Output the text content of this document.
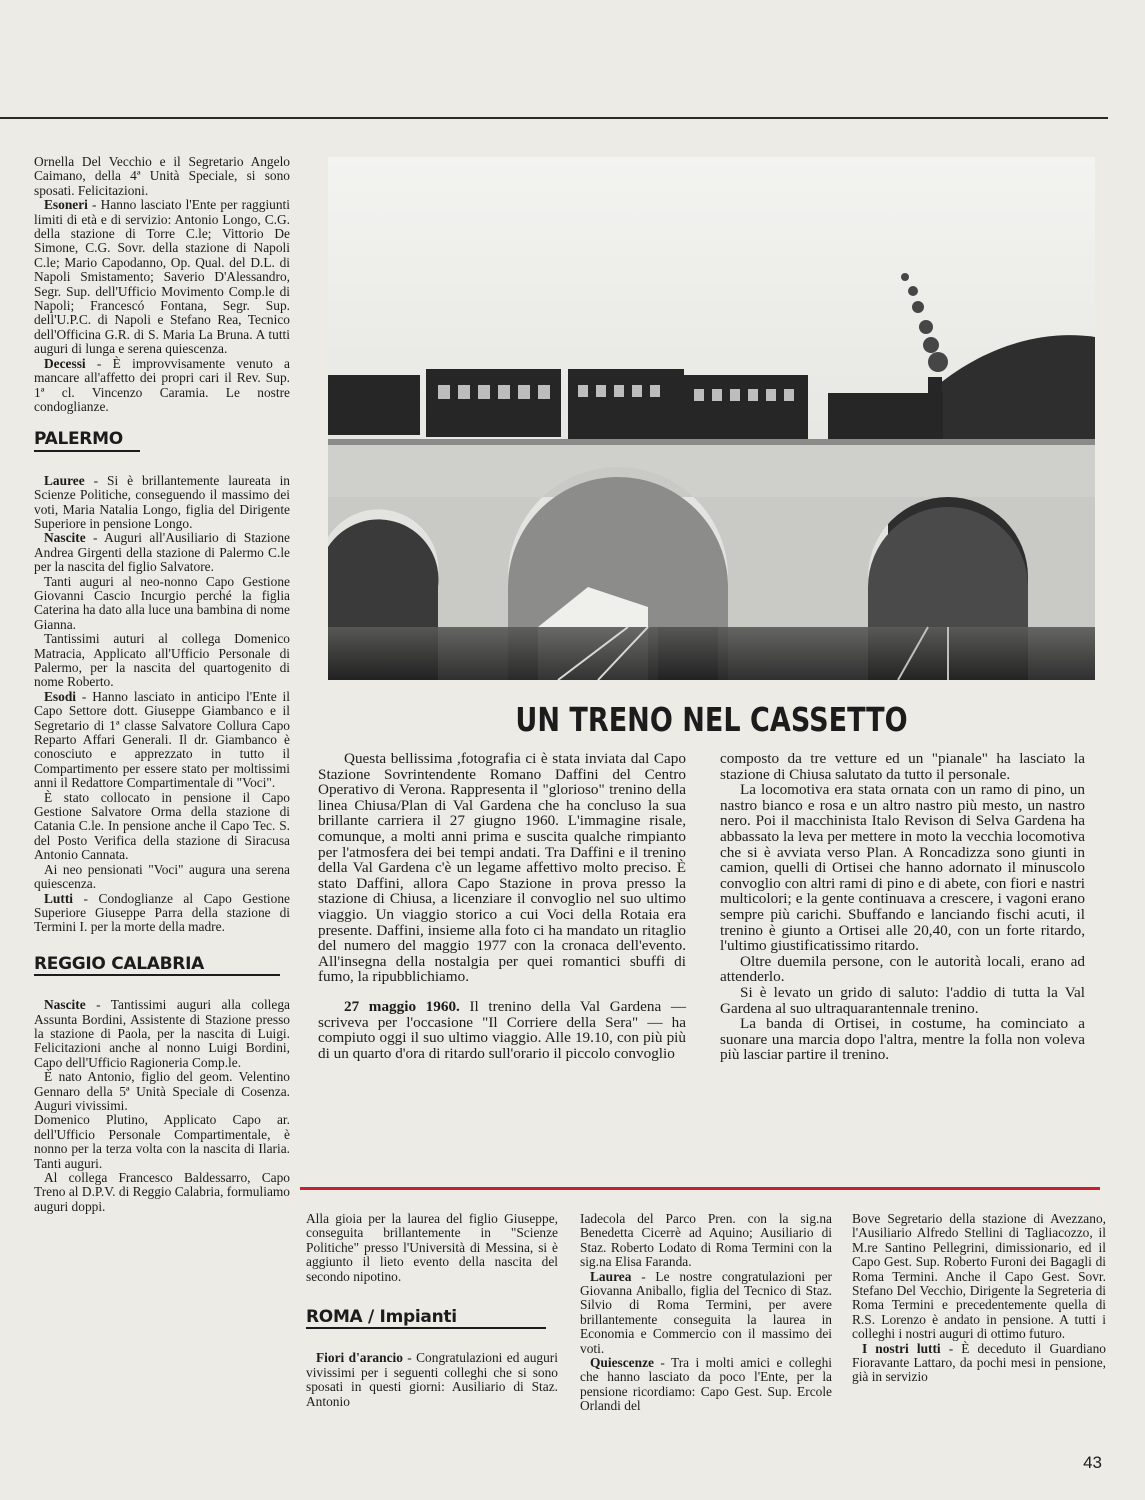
Ornella Del Vecchio e il Segretario Angelo Caimano, della 4ª Unità Speciale, si sono sposati. Felicitazioni.

Esoneri - Hanno lasciato l'Ente per raggiunti limiti di età e di servizio: Antonio Longo, C.G. della stazione di Torre C.le; Vittorio De Simone, C.G. Sovr. della stazione di Napoli C.le; Mario Capodanno, Op. Qual. del D.L. di Napoli Smistamento; Saverio D'Alessandro, Segr. Sup. dell'Ufficio Movimento Comp.le di Napoli; Francescó Fontana, Segr. Sup. dell'U.P.C. di Napoli e Stefano Rea, Tecnico dell'Officina G.R. di S. Maria La Bruna. A tutti auguri di lunga e serena quiescenza.

Decessi - È improvvisamente venuto a mancare all'affetto dei propri cari il Rev. Sup. 1ª cl. Vincenzo Caramia. Le nostre condoglianze.

PALERMO

Lauree - Si è brillantemente laureata in Scienze Politiche, conseguendo il massimo dei voti, Maria Natalia Longo, figlia del Dirigente Superiore in pensione Longo.

Nascite - Auguri all'Ausiliario di Stazione Andrea Girgenti della stazione di Palermo C.le per la nascita del figlio Salvatore.

Tanti auguri al neo-nonno Capo Gestione Giovanni Cascio Incurgio perché la figlia Caterina ha dato alla luce una bambina di nome Gianna.

Tantissimi auturi al collega Domenico Matracia, Applicato all'Ufficio Personale di Palermo, per la nascita del quartogenito di nome Roberto.

Esodi - Hanno lasciato in anticipo l'Ente il Capo Settore dott. Giuseppe Giambanco e il Segretario di 1ª classe Salvatore Collura Capo Reparto Affari Generali. Il dr. Giambanco è conosciuto e apprezzato in tutto il Compartimento per essere stato per moltissimi anni il Redattore Compartimentale di "Voci".

È stato collocato in pensione il Capo Gestione Salvatore Orma della stazione di Catania C.le. In pensione anche il Capo Tec. S. del Posto Verifica della stazione di Siracusa Antonio Cannata.

Ai neo pensionati "Voci" augura una serena quiescenza.

Lutti - Condoglianze al Capo Gestione Superiore Giuseppe Parra della stazione di Termini I. per la morte della madre.

REGGIO CALABRIA

Nascite - Tantissimi auguri alla collega Assunta Bordini, Assistente di Stazione presso la stazione di Paola, per la nascita di Luigi. Felicitazioni anche al nonno Luigi Bordini, Capo dell'Ufficio Ragioneria Comp.le.

È nato Antonio, figlio del geom. Velentino Gennaro della 5ª Unità Speciale di Cosenza. Auguri vivissimi.

Domenico Plutino, Applicato Capo ar. dell'Ufficio Personale Compartimentale, è nonno per la terza volta con la nascita di Ilaria. Tanti auguri.

Al collega Francesco Baldessarro, Capo Treno al D.P.V. di Reggio Calabria, formuliamo auguri doppi.

UN TRENO NEL CASSETTO

Questa bellissima ,fotografia ci è stata inviata dal Capo Stazione Sovrintendente Romano Daffini del Centro Operativo di Verona. Rappresenta il "glorioso" trenino della linea Chiusa/Plan di Val Gardena che ha concluso la sua brillante carriera il 27 giugno 1960. L'immagine risale, comunque, a molti anni prima e suscita qualche rimpianto per l'atmosfera dei bei tempi andati. Tra Daffini e il trenino della Val Gardena c'è un legame affettivo molto preciso. È stato Daffini, allora Capo Stazione in prova presso la stazione di Chiusa, a licenziare il convoglio nel suo ultimo viaggio. Un viaggio storico a cui Voci della Rotaia era presente. Daffini, insieme alla foto ci ha mandato un ritaglio del numero del maggio 1977 con la cronaca dell'evento. All'insegna della nostalgia per quei romantici sbuffi di fumo, la ripubblichiamo.

27 maggio 1960. Il trenino della Val Gardena — scriveva per l'occasione "Il Corriere della Sera" — ha compiuto oggi il suo ultimo viaggio. Alle 19.10, con più più di un quarto d'ora di ritardo sull'orario il piccolo convoglio

composto da tre vetture ed un "pianale" ha lasciato la stazione di Chiusa salutato da tutto il personale.

La locomotiva era stata ornata con un ramo di pino, un nastro bianco e rosa e un altro nastro più mesto, un nastro nero. Poi il macchinista Italo Revison di Selva Gardena ha abbassato la leva per mettere in moto la vecchia locomotiva che si è avviata verso Plan. A Roncadizza sono giunti in camion, quelli di Ortisei che hanno adornato il minuscolo convoglio con altri rami di pino e di abete, con fiori e nastri multicolori; e la gente continuava a crescere, i vagoni erano sempre più carichi. Sbuffando e lanciando fischi acuti, il trenino è giunto a Ortisei alle 20,40, con un forte ritardo, l'ultimo giustificatissimo ritardo.

Oltre duemila persone, con le autorità locali, erano ad attenderlo.

Si è levato un grido di saluto: l'addio di tutta la Val Gardena al suo ultraquarantennale trenino.

La banda di Ortisei, in costume, ha cominciato a suonare una marcia dopo l'altra, mentre la folla non voleva più lasciar partire il trenino.

Alla gioia per la laurea del figlio Giuseppe, conseguita brillantemente in "Scienze Politiche" presso l'Università di Messina, si è aggiunto il lieto evento della nascita del secondo nipotino.

ROMA / Impianti

Fiori d'arancio - Congratulazioni ed auguri vivissimi per i seguenti colleghi che si sono sposati in questi giorni: Ausiliario di Staz. Antonio

Iadecola del Parco Pren. con la sig.na Benedetta Cicerrè ad Aquino; Ausiliario di Staz. Roberto Lodato di Roma Termini con la sig.na Elisa Faranda.

Laurea - Le nostre congratulazioni per Giovanna Aniballo, figlia del Tecnico di Staz. Silvio di Roma Termini, per avere brillantemente conseguita la laurea in Economia e Commercio con il massimo dei voti.

Quiescenze - Tra i molti amici e colleghi che hanno lasciato da poco l'Ente, per la pensione ricordiamo: Capo Gest. Sup. Ercole Orlandi del

Bove Segretario della stazione di Avezzano, l'Ausiliario Alfredo Stellini di Tagliacozzo, il M.re Santino Pellegrini, dimissionario, ed il Capo Gest. Sup. Roberto Furoni dei Bagagli di Roma Termini. Anche il Capo Gest. Sovr. Stefano Del Vecchio, Dirigente la Segreteria di Roma Termini e precedentemente quella di R.S. Lorenzo è andato in pensione. A tutti i colleghi i nostri auguri di ottimo futuro.

I nostri lutti - È deceduto il Guardiano Fioravante Lattaro, da pochi mesi in pensione, già in servizio

43
